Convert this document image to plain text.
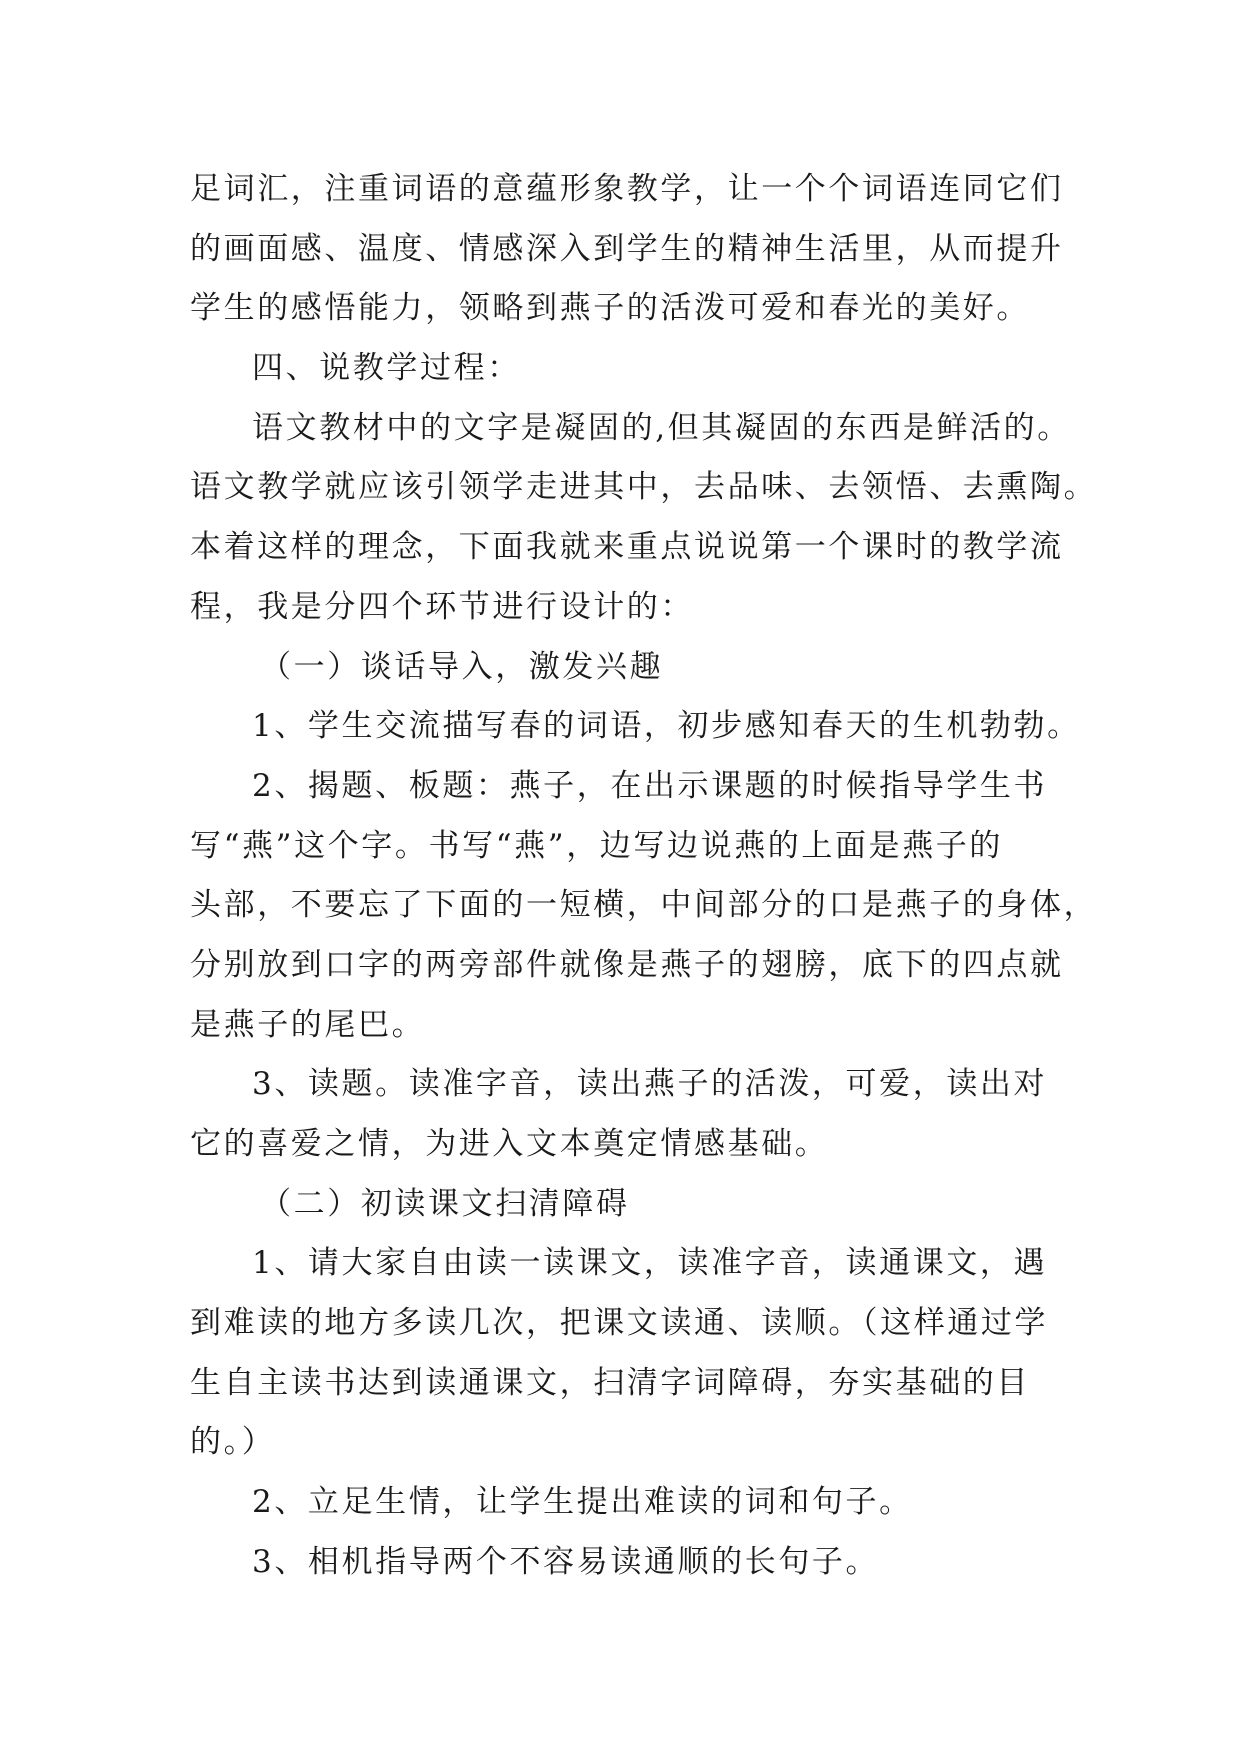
足词汇，注重词语的意蕴形象教学，让一个个词语连同它们
的画面感、温度、情感深入到学生的精神生活里，从而提升
学生的感悟能力，领略到燕子的活泼可爱和春光的美好。
四、说教学过程：
语文教材中的文字是凝固的,但其凝固的东西是鲜活的。
语文教学就应该引领学走进其中，去品味、去领悟、去熏陶。
本着这样的理念，下面我就来重点说说第一个课时的教学流
程，我是分四个环节进行设计的：
（一）谈话导入，激发兴趣
1、学生交流描写春的词语，初步感知春天的生机勃勃。
2、揭题、板题：燕子，在出示课题的时候指导学生书
写“燕”这个字。书写“燕”，边写边说燕的上面是燕子的
头部，不要忘了下面的一短横，中间部分的口是燕子的身体，
分别放到口字的两旁部件就像是燕子的翅膀，底下的四点就
是燕子的尾巴。
3、读题。读准字音，读出燕子的活泼，可爱，读出对
它的喜爱之情，为进入文本奠定情感基础。
（二）初读课文扫清障碍
1、请大家自由读一读课文，读准字音，读通课文，遇
到难读的地方多读几次，把课文读通、读顺。（这样通过学
生自主读书达到读通课文，扫清字词障碍，夯实基础的目
的。）
2、立足生情，让学生提出难读的词和句子。
3、相机指导两个不容易读通顺的长句子。
